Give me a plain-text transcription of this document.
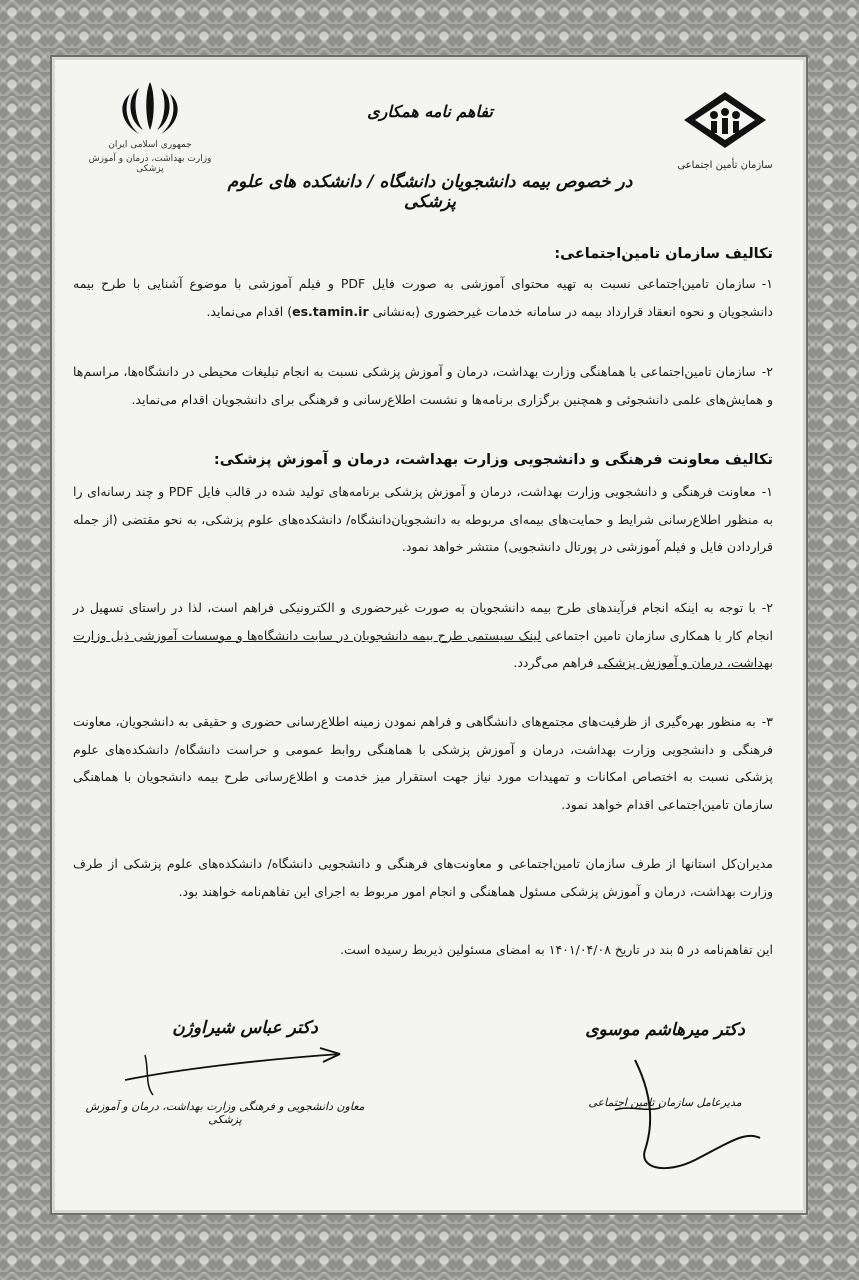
سازمان تأمین اجتماعی
جمهوری اسلامی ایران
وزارت بهداشت، درمان و آموزش پزشکی
تفاهم نامه همکاری
در خصوص بیمه دانشجویان دانشگاه / دانشکده های علوم پزشکی
تکالیف سازمان تامین‌اجتماعی:
۱-سازمان تامین‌اجتماعی نسبت به تهیه محتوای آموزشی به صورت فایل PDF و فیلم آموزشی با موضوع آشنایی با طرح بیمه دانشجویان و نحوه انعقاد قرارداد بیمه در سامانه خدمات غیرحضوری (به‌نشانی es.tamin.ir) اقدام می‌نماید.
۲-سازمان تامین‌اجتماعی با هماهنگی وزارت بهداشت، درمان و آموزش پزشکی نسبت به انجام تبلیغات محیطی در دانشگاه‌ها، مراسم‌ها و همایش‌های علمی دانشجوئی و همچنین برگزاری برنامه‌ها و نشست اطلاع‌رسانی و فرهنگی برای دانشجویان اقدام می‌نماید.
تکالیف معاونت فرهنگی و دانشجویی وزارت بهداشت، درمان و آموزش پزشکی:
۱-معاونت فرهنگی و دانشجویی وزارت بهداشت، درمان و آموزش پزشکی برنامه‌های تولید شده در قالب فایل PDF و چند رسانه‌ای را به منظور اطلاع‌رسانی شرایط و حمایت‌های بیمه‌ای مربوطه به دانشجویان‌دانشگاه/ دانشکده‌های علوم پزشکی، به نحو مقتضی (از جمله قراردادن فایل و فیلم آموزشی در پورتال دانشجویی) منتشر خواهد نمود.
۲-با توجه به اینکه انجام فرآیندهای طرح بیمه دانشجویان به صورت غیرحضوری و الکترونیکی فراهم است، لذا در راستای تسهیل در انجام کار با همکاری سازمان تامین اجتماعی لینک سیستمی طرح بیمه دانشجویان در سایت دانشگاه‌ها و موسسات آموزشی ذیل وزارت بهداشت، درمان و آموزش پزشکی فراهم می‌گردد.
۳-به منظور بهره‌گیری از ظرفیت‌های مجتمع‌های دانشگاهی و فراهم نمودن زمینه اطلاع‌رسانی حضوری و حقیقی به دانشجویان، معاونت فرهنگی و دانشجویی وزارت بهداشت، درمان و آموزش پزشکی با هماهنگی روابط عمومی و حراست دانشگاه/ دانشکده‌های علوم پزشکی نسبت به اختصاص امکانات و تمهیدات مورد نیاز جهت استقرار میز خدمت و اطلاع‌رسانی طرح بیمه دانشجویان با هماهنگی سازمان تامین‌اجتماعی اقدام خواهد نمود.
مدیران‌کل استانها از طرف سازمان تامین‌اجتماعی و معاونت‌های فرهنگی و دانشجویی دانشگاه/ دانشکده‌های علوم پزشکی از طرف وزارت بهداشت، درمان و آموزش پزشکی مسئول هماهنگی و انجام امور مربوط به اجرای این تفاهم‌نامه خواهند بود.
این تفاهم‌نامه در ۵ بند در تاریخ ۱۴۰۱/۰۴/۰۸ به امضای مسئولین ذیربط رسیده است.
دکتر میرهاشم موسوی
مدیرعامل سازمان تامین اجتماعی
دکتر عباس شیراوژن
معاون دانشجویی و فرهنگی وزارت بهداشت، درمان و آموزش پزشکی
